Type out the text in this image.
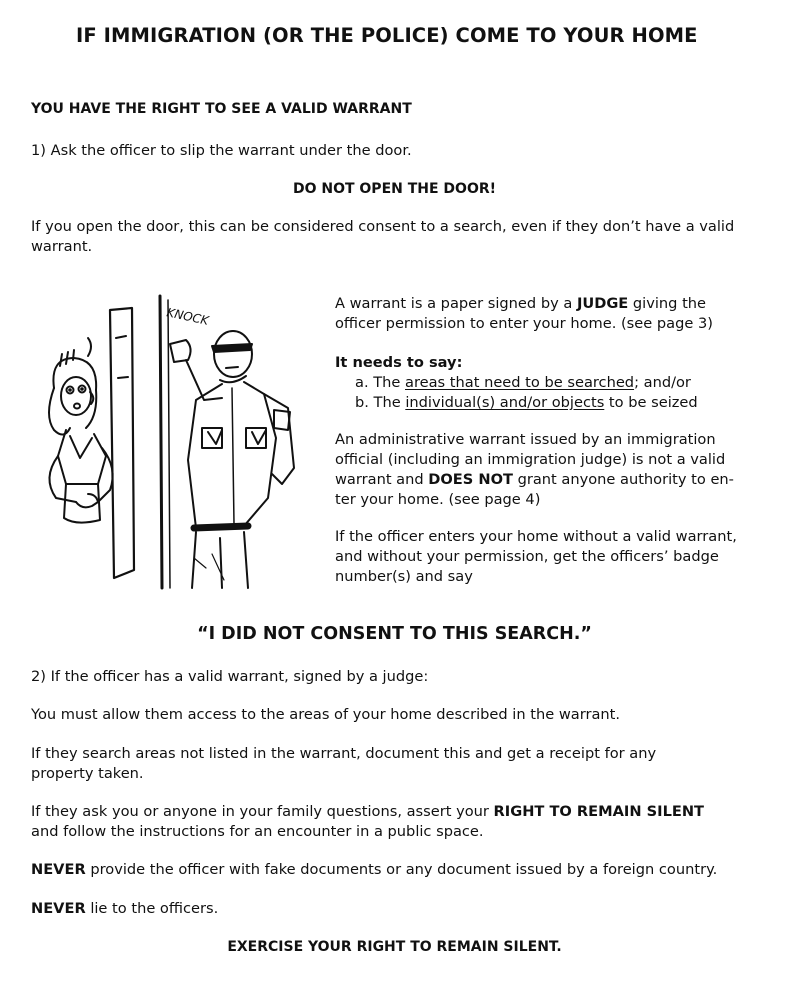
IF IMMIGRATION (OR THE POLICE) COME TO YOUR HOME
YOU HAVE THE RIGHT TO SEE A VALID WARRANT

1) Ask the officer to slip the warrant under the door.

DO NOT OPEN THE DOOR!

If you open the door, this can be considered consent to a search, even if they don’t have a valid warrant.

KNOCK
A warrant is a paper signed by a JUDGE giving the officer permission to enter your home. (see page 3)
It needs to say:
a. The areas that need to be searched; and/or
b. The individual(s) and/or objects to be seized
An administrative warrant issued by an immigration official (including an immigration judge) is not a valid warrant and DOES NOT grant anyone authority to en-ter your home. (see page 4)

If the officer enters your home without a valid warrant, and without your permission, get the officers’ badge number(s) and say

“I DID NOT CONSENT TO THIS SEARCH.”

2) If the officer has a valid warrant, signed by a judge:

You must allow them access to the areas of your home described in the warrant.

If they search areas not listed in the warrant, document this and get a receipt for any property taken.

If they ask you or anyone in your family questions, assert your RIGHT TO REMAIN SILENT and follow the instructions for an encounter in a public space.
NEVER provide the officer with fake documents or any document issued by a foreign country.
NEVER lie to the officers.

EXERCISE YOUR RIGHT TO REMAIN SILENT.
